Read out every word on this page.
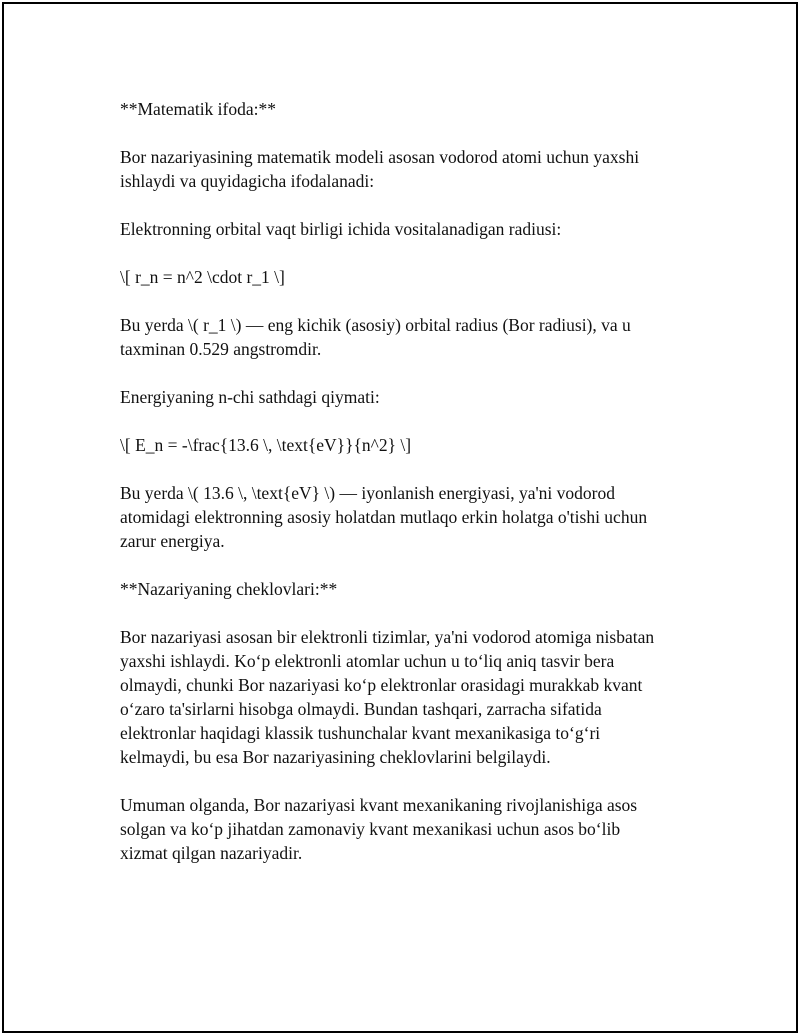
**Matematik ifoda:**

Bor nazariyasining matematik modeli asosan vodorod atomi uchun yaxshi
ishlaydi va quyidagicha ifodalanadi:

Elektronning orbital vaqt birligi ichida vositalanadigan radiusi:

\[ r_n = n^2 \cdot r_1 \]

Bu yerda \( r_1 \) — eng kichik (asosiy) orbital radius (Bor radiusi), va u
taxminan 0.529 angstromdir.

Energiyaning n-chi sathdagi qiymati:

\[ E_n = -\frac{13.6 \, \text{eV}}{n^2} \]

Bu yerda \( 13.6 \, \text{eV} \) — iyonlanish energiyasi, ya'ni vodorod
atomidagi elektronning asosiy holatdan mutlaqo erkin holatga o'tishi uchun
zarur energiya.

**Nazariyaning cheklovlari:**

Bor nazariyasi asosan bir elektronli tizimlar, ya'ni vodorod atomiga nisbatan
yaxshi ishlaydi. Koʻp elektronli atomlar uchun u toʻliq aniq tasvir bera
olmaydi, chunki Bor nazariyasi koʻp elektronlar orasidagi murakkab kvant
oʻzaro ta'sirlarni hisobga olmaydi. Bundan tashqari, zarracha sifatida
elektronlar haqidagi klassik tushunchalar kvant mexanikasiga toʻgʻri
kelmaydi, bu esa Bor nazariyasining cheklovlarini belgilaydi.

Umuman olganda, Bor nazariyasi kvant mexanikaning rivojlanishiga asos
solgan va koʻp jihatdan zamonaviy kvant mexanikasi uchun asos boʻlib
xizmat qilgan nazariyadir.
